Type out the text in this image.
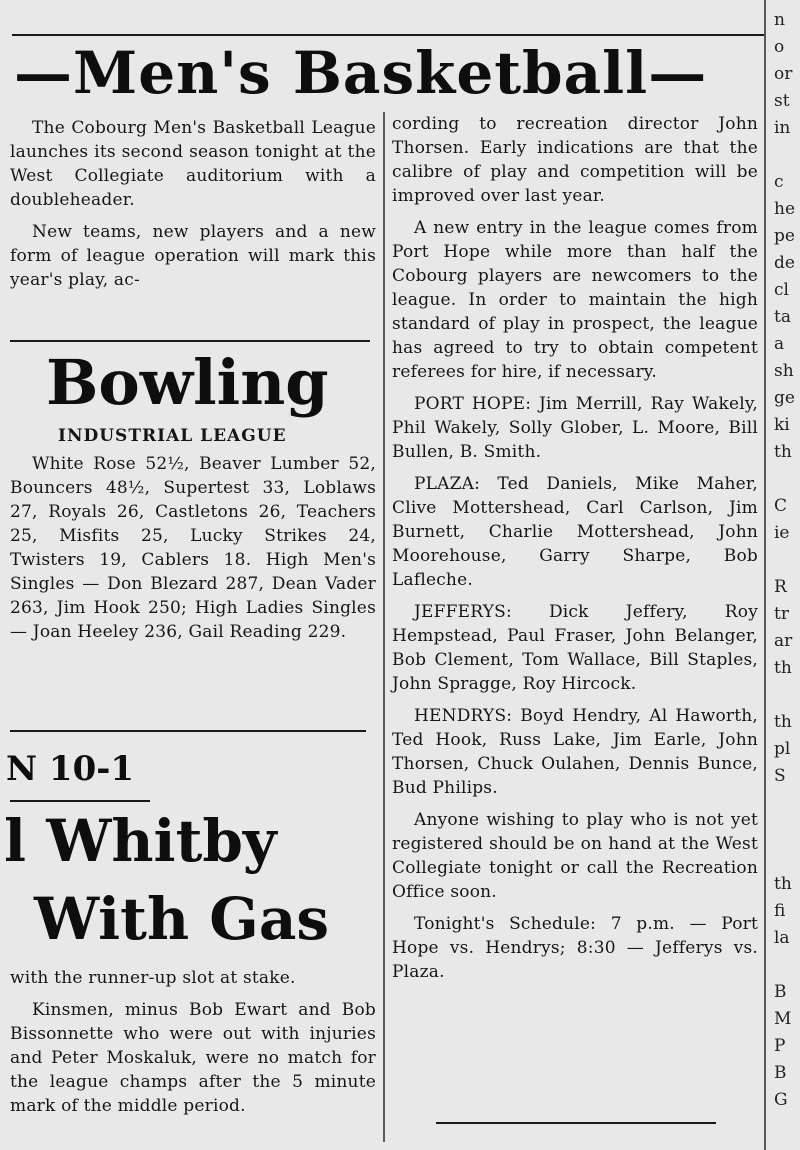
—Men's Basketball—

The Cobourg Men's Basketball League launches its second season tonight at the West Collegiate auditorium with a doubleheader.

New teams, new players and a new form of league operation will mark this year's play, ac-

Bowling
INDUSTRIAL LEAGUE

White Rose 52½, Beaver Lumber 52, Bouncers 48½, Supertest 33, Loblaws 27, Royals 26, Castletons 26, Teachers 25, Misfits 25, Lucky Strikes 24, Twisters 19, Cablers 18. High Men's Singles — Don Blezard 287, Dean Vader 263, Jim Hook 250; High Ladies Singles — Joan Heeley 236, Gail Reading 229.

N 10-1
l Whitby
With Gas

with the runner-up slot at stake.

Kinsmen, minus Bob Ewart and Bob Bissonnette who were out with injuries and Peter Moskaluk, were no match for the league champs after the 5 minute mark of the middle period.

cording to recreation director John Thorsen. Early indications are that the calibre of play and competition will be improved over last year.

A new entry in the league comes from Port Hope while more than half the Cobourg players are newcomers to the league. In order to maintain the high standard of play in prospect, the league has agreed to try to obtain competent referees for hire, if necessary.

PORT HOPE: Jim Merrill, Ray Wakely, Phil Wakely, Solly Glober, L. Moore, Bill Bullen, B. Smith.

PLAZA: Ted Daniels, Mike Maher, Clive Mottershead, Carl Carlson, Jim Burnett, Charlie Mottershead, John Moorehouse, Garry Sharpe, Bob Lafleche.

JEFFERYS: Dick Jeffery, Roy Hempstead, Paul Fraser, John Belanger, Bob Clement, Tom Wallace, Bill Staples, John Spragge, Roy Hircock.

HENDRYS: Boyd Hendry, Al Haworth, Ted Hook, Russ Lake, Jim Earle, John Thorsen, Chuck Oulahen, Dennis Bunce, Bud Philips.

Anyone wishing to play who is not yet registered should be on hand at the West Collegiate tonight or call the Recreation Office soon.

Tonight's Schedule: 7 p.m. — Port Hope vs. Hendrys; 8:30 — Jefferys vs. Plaza.

n
o
or
st
in
c
he
pe
de
cl
ta
a
sh
ge
ki
th
C
ie
R
tr
ar
th
th
pl
S
th
fi
la
B
M
P
B
G
